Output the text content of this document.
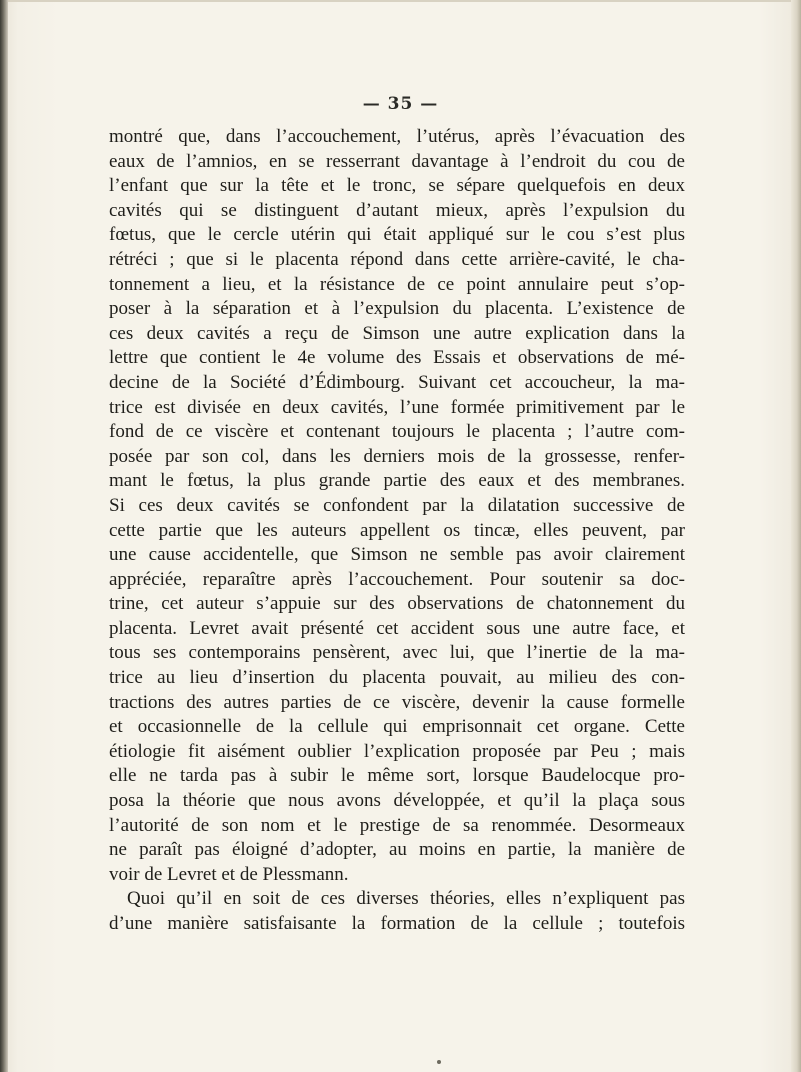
— 35 —
montré que, dans l’accouchement, l’utérus, après l’évacuation des
eaux de l’amnios, en se resserrant davantage à l’endroit du cou de
l’enfant que sur la tête et le tronc, se sépare quelquefois en deux
cavités qui se distinguent d’autant mieux, après l’expulsion du
fœtus, que le cercle utérin qui était appliqué sur le cou s’est plus
rétréci ; que si le placenta répond dans cette arrière-cavité, le cha-
tonnement a lieu, et la résistance de ce point annulaire peut s’op-
poser à la séparation et à l’expulsion du placenta. L’existence de
ces deux cavités a reçu de Simson une autre explication dans la
lettre que contient le 4e volume des Essais et observations de mé-
decine de la Société d’Édimbourg. Suivant cet accoucheur, la ma-
trice est divisée en deux cavités, l’une formée primitivement par le
fond de ce viscère et contenant toujours le placenta ; l’autre com-
posée par son col, dans les derniers mois de la grossesse, renfer-
mant le fœtus, la plus grande partie des eaux et des membranes.
Si ces deux cavités se confondent par la dilatation successive de
cette partie que les auteurs appellent os tincæ, elles peuvent, par
une cause accidentelle, que Simson ne semble pas avoir clairement
appréciée, reparaître après l’accouchement. Pour soutenir sa doc-
trine, cet auteur s’appuie sur des observations de chatonnement du
placenta. Levret avait présenté cet accident sous une autre face, et
tous ses contemporains pensèrent, avec lui, que l’inertie de la ma-
trice au lieu d’insertion du placenta pouvait, au milieu des con-
tractions des autres parties de ce viscère, devenir la cause formelle
et occasionnelle de la cellule qui emprisonnait cet organe. Cette
étiologie fit aisément oublier l’explication proposée par Peu ; mais
elle ne tarda pas à subir le même sort, lorsque Baudelocque pro-
posa la théorie que nous avons développée, et qu’il la plaça sous
l’autorité de son nom et le prestige de sa renommée. Desormeaux
ne paraît pas éloigné d’adopter, au moins en partie, la manière de
voir de Levret et de Plessmann.
Quoi qu’il en soit de ces diverses théories, elles n’expliquent pas
d’une manière satisfaisante la formation de la cellule ; toutefois
